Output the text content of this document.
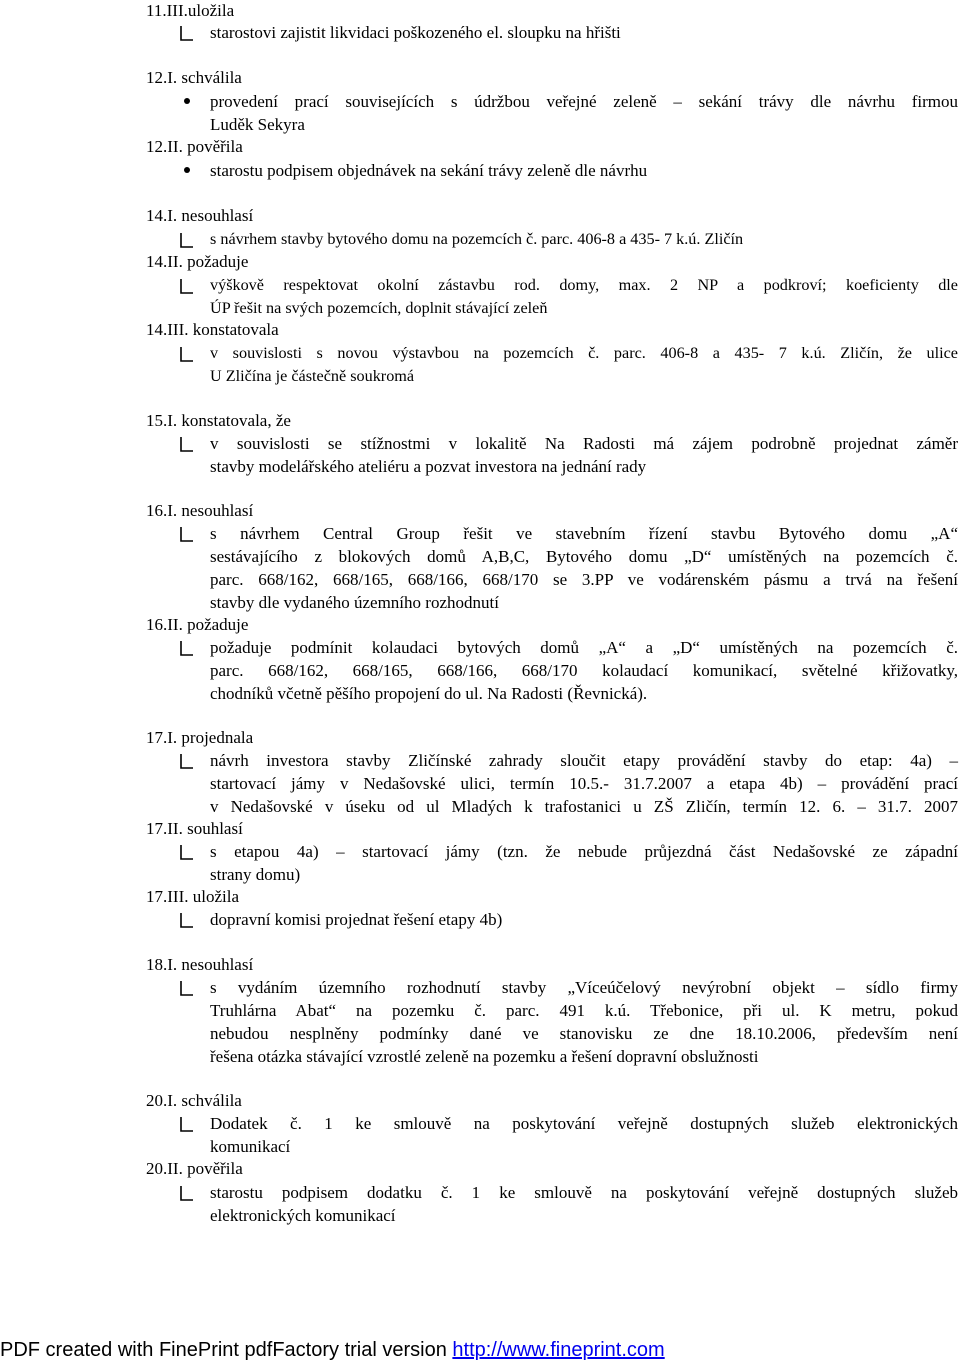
11.III.uložila
starostovi zajistit likvidaci poškozeného el. sloupku na hřišti
12.I. schválila
provedení prací souvisejících s údržbou veřejné zeleně – sekání trávy dle návrhu firmou
Luděk Sekyra
12.II. pověřila
starostu podpisem objednávek na sekání trávy zeleně dle návrhu
14.I. nesouhlasí
s návrhem stavby bytového domu na pozemcích č. parc. 406-8 a 435- 7 k.ú. Zličín
14.II. požaduje
výškově respektovat okolní zástavbu rod. domy, max. 2 NP a podkroví; koeficienty dle
ÚP řešit na svých pozemcích, doplnit stávající zeleň
14.III. konstatovala
v souvislosti s novou výstavbou na pozemcích č. parc. 406-8 a 435- 7 k.ú. Zličín, že ulice
U Zličína je částečně soukromá
15.I. konstatovala, že
v souvislosti se stížnostmi v lokalitě Na Radosti má zájem podrobně projednat záměr
stavby modelářského ateliéru a pozvat investora na jednání rady
16.I. nesouhlasí
s návrhem Central Group řešit ve stavebním řízení stavbu Bytového domu „A“
sestávajícího z blokových domů A,B,C, Bytového domu „D“ umístěných na pozemcích č.
parc. 668/162, 668/165, 668/166, 668/170 se 3.PP ve vodárenském pásmu a trvá na řešení
stavby dle vydaného územního rozhodnutí
16.II. požaduje
požaduje podmínit kolaudaci bytových domů „A“ a „D“ umístěných na pozemcích č.
parc. 668/162, 668/165, 668/166, 668/170 kolaudací komunikací, světelné křižovatky,
chodníků včetně pěšího propojení do ul. Na Radosti (Řevnická).
17.I. projednala
návrh investora stavby Zličínské zahrady sloučit etapy provádění stavby do etap: 4a) –
startovací jámy v Nedašovské ulici, termín 10.5.- 31.7.2007 a etapa 4b) – provádění prací
v Nedašovské v úseku od ul Mladých k trafostanici u ZŠ Zličín, termín 12. 6. – 31.7. 2007
17.II. souhlasí
s etapou 4a) – startovací jámy (tzn. že nebude průjezdná část Nedašovské ze západní
strany domu)
17.III. uložila
dopravní komisi projednat řešení etapy 4b)
18.I. nesouhlasí
s vydáním územního rozhodnutí stavby „Víceúčelový nevýrobní objekt – sídlo firmy
Truhlárna Abat“ na pozemku č. parc. 491 k.ú. Třebonice, při ul. K metru, pokud
nebudou nesplněny podmínky dané ve stanovisku ze dne 18.10.2006, především není
řešena otázka stávající vzrostlé zeleně na pozemku a řešení dopravní obslužnosti
20.I. schválila
Dodatek č. 1 ke smlouvě na poskytování veřejně dostupných služeb elektronických
komunikací
20.II. pověřila
starostu podpisem dodatku č. 1 ke smlouvě na poskytování veřejně dostupných služeb
elektronických komunikací
PDF created with FinePrint pdfFactory trial version http://www.fineprint.com
